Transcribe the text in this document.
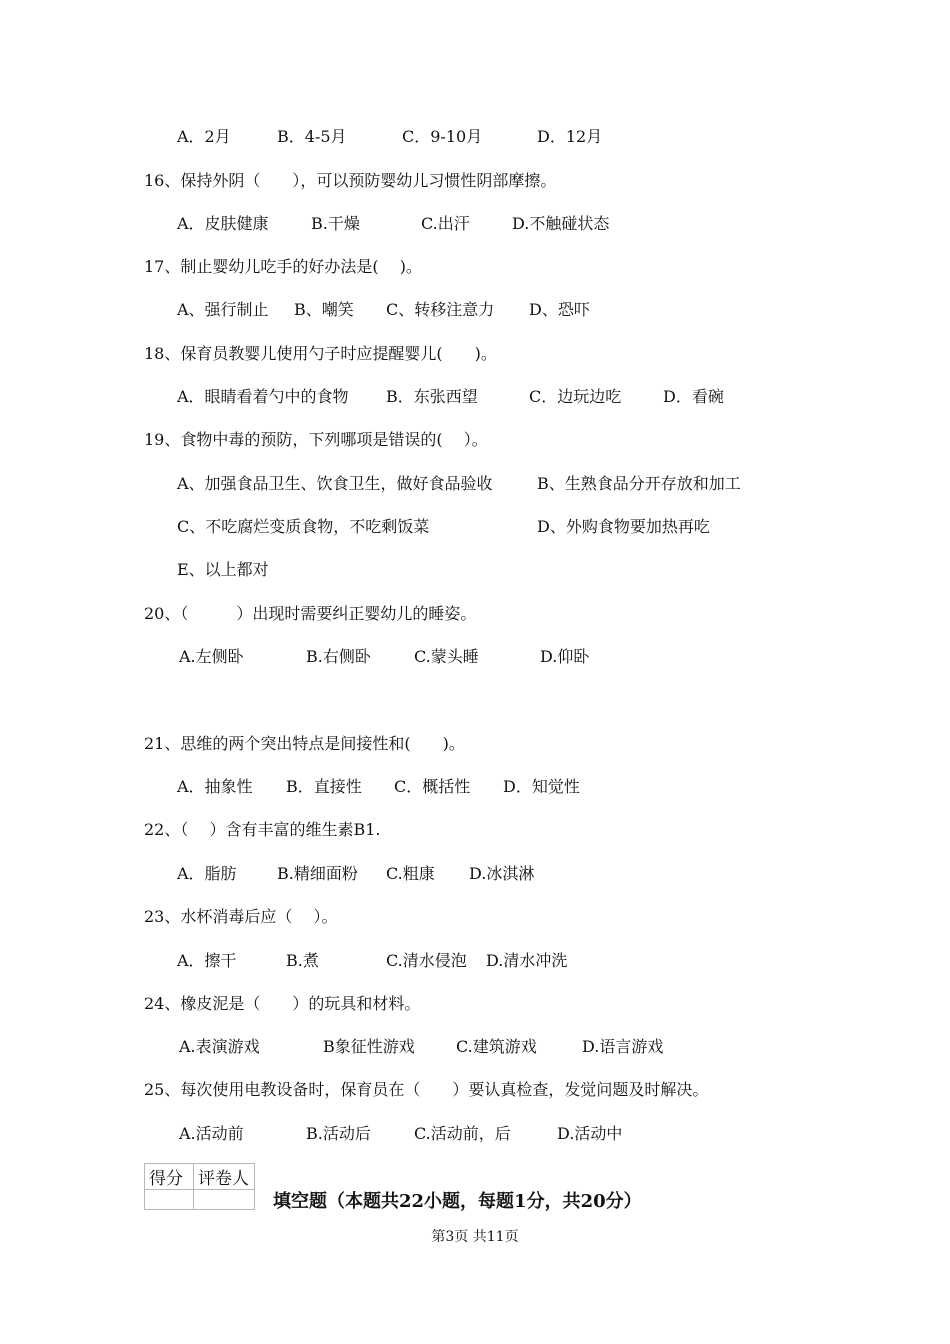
A．2月	B．4-5月	C．9-10月	D．12月
16、保持外阴（　　），可以预防婴幼儿习惯性阴部摩擦。
A．皮肤健康	B.干燥	C.出汗	D.不触碰状态
17、制止婴幼儿吃手的好办法是(　 )。
A、强行制止 B、嘲笑 C、转移注意力 D、恐吓
18、保育员教婴儿使用勺子时应提醒婴儿(　　)。
A．眼睛看着勺中的食物 B．东张西望	C．边玩边吃	D．看碗
19、食物中毒的预防，下列哪项是错误的(　 ）。
A、加强食品卫生、饮食卫生，做好食品验收	B、生熟食品分开存放和加工
C、不吃腐烂变质食物，不吃剩饭菜	D、外购食物要加热再吃
E、以上都对
20、（　　　）出现时需要纠正婴幼儿的睡姿。
A.左侧卧	B.右侧卧	C.蒙头睡	D.仰卧
21、思维的两个突出特点是间接性和(　　)。
A．抽象性 B．直接性 C．概括性 D．知觉性
22、（　 ）含有丰富的维生素B1.
A．脂肪	B.精细面粉 C.粗康 D.冰淇淋
23、水杯消毒后应（　 ）。
A．擦干	B.煮	C.清水侵泡 D.清水冲洗
24、橡皮泥是（　　）的玩具和材料。
A.表演游戏	B象征性游戏	C.建筑游戏	D.语言游戏
25、每次使用电教设备时，保育员在（　　）要认真检查，发觉问题及时解决。
A.活动前	B.活动后	C.活动前，后	D.活动中
得分	评卷人

填空题（本题共22小题，每题1分，共20分）
第3页 共11页
